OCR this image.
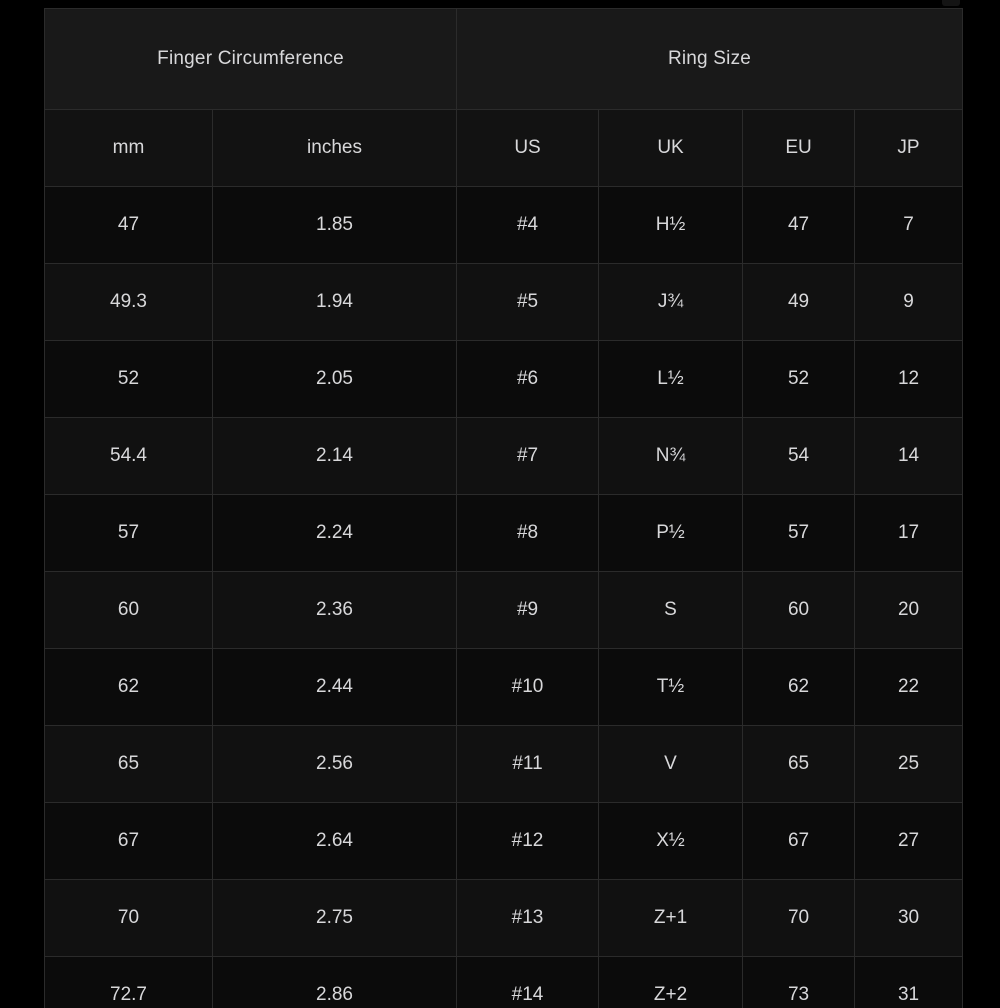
Finger Circumference		Ring Size			
mm	inches	US	UK	EU	JP
47	1.85	#4	H½	47	7
49.3	1.94	#5	J¾	49	9
52	2.05	#6	L½	52	12
54.4	2.14	#7	N¾	54	14
57	2.24	#8	P½	57	17
60	2.36	#9	S	60	20
62	2.44	#10	T½	62	22
65	2.56	#11	V	65	25
67	2.64	#12	X½	67	27
70	2.75	#13	Z+1	70	30
72.7	2.86	#14	Z+2	73	31
